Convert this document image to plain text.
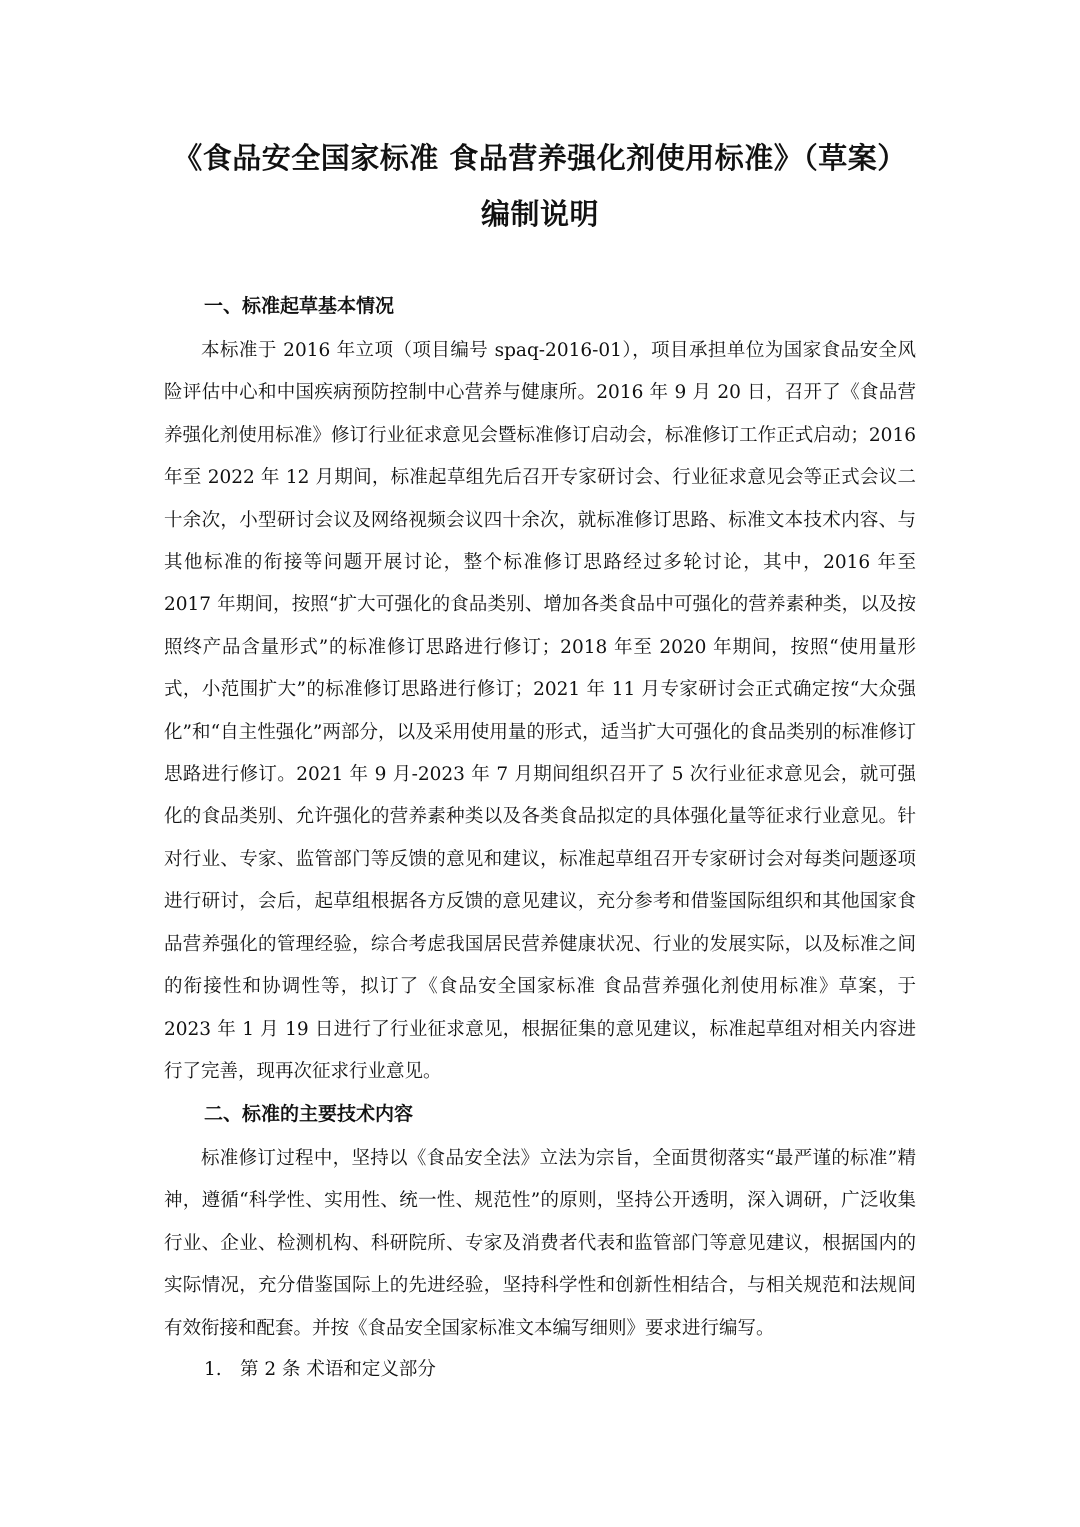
《食品安全国家标准 食品营养强化剂使用标准》（草案）
编制说明
一、标准起草基本情况

本标准于 2016 年立项（项目编号 spaq-2016-01），项目承担单位为国家食品安全风险评估中心和中国疾病预防控制中心营养与健康所。2016 年 9 月 20 日，召开了《食品营养强化剂使用标准》修订行业征求意见会暨标准修订启动会，标准修订工作正式启动；2016 年至 2022 年 12 月期间，标准起草组先后召开专家研讨会、行业征求意见会等正式会议二十余次，小型研讨会议及网络视频会议四十余次，就标准修订思路、标准文本技术内容、与其他标准的衔接等问题开展讨论，整个标准修订思路经过多轮讨论，其中，2016 年至 2017 年期间，按照“扩大可强化的食品类别、增加各类食品中可强化的营养素种类，以及按照终产品含量形式”的标准修订思路进行修订；2018 年至 2020 年期间，按照“使用量形式，小范围扩大”的标准修订思路进行修订；2021 年 11 月专家研讨会正式确定按“大众强化”和“自主性强化”两部分，以及采用使用量的形式，适当扩大可强化的食品类别的标准修订思路进行修订。2021 年 9 月-2023 年 7 月期间组织召开了 5 次行业征求意见会，就可强化的食品类别、允许强化的营养素种类以及各类食品拟定的具体强化量等征求行业意见。针对行业、专家、监管部门等反馈的意见和建议，标准起草组召开专家研讨会对每类问题逐项进行研讨，会后，起草组根据各方反馈的意见建议，充分参考和借鉴国际组织和其他国家食品营养强化的管理经验，综合考虑我国居民营养健康状况、行业的发展实际，以及标准之间的衔接性和协调性等，拟订了《食品安全国家标准 食品营养强化剂使用标准》草案，于 2023 年 1 月 19 日进行了行业征求意见，根据征集的意见建议，标准起草组对相关内容进行了完善，现再次征求行业意见。

二、标准的主要技术内容

标准修订过程中，坚持以《食品安全法》立法为宗旨，全面贯彻落实“最严谨的标准”精神，遵循“科学性、实用性、统一性、规范性”的原则，坚持公开透明，深入调研，广泛收集行业、企业、检测机构、科研院所、专家及消费者代表和监管部门等意见建议，根据国内的实际情况，充分借鉴国际上的先进经验，坚持科学性和创新性相结合，与相关规范和法规间有效衔接和配套。并按《食品安全国家标准文本编写细则》要求进行编写。

1. 第 2 条 术语和定义部分
